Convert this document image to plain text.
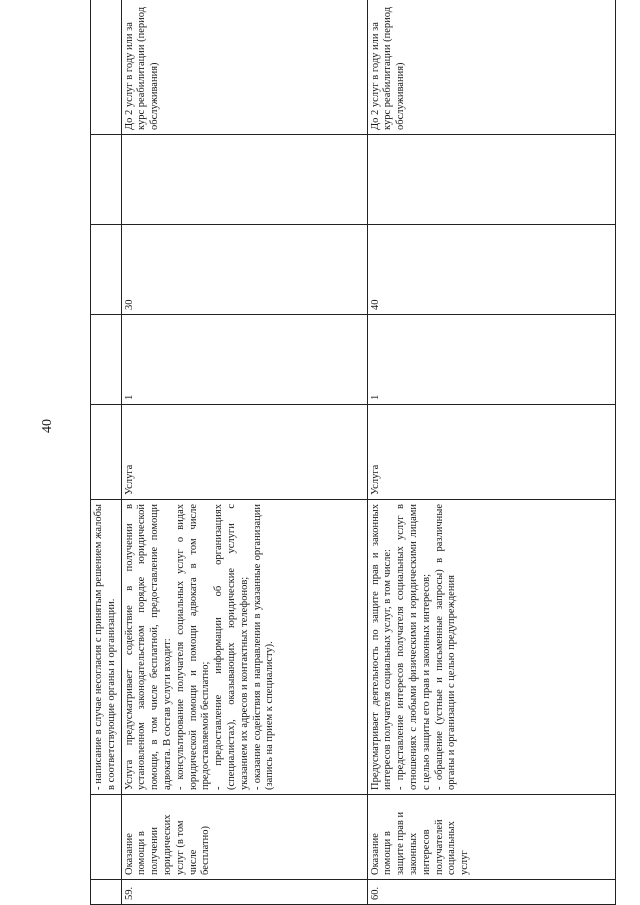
40

		- написание в случае несогласия с принятым решением жалобы в соответствующие органы и организации.					

59.	Оказание помощи в получении юридических услуг (в том числе бесплатно)	Услуга предусматривает содействие в получении в установленном законодательством порядке юридической помощи, в том числе бесплатной, предоставление помощи адвоката. В состав услуги входит: - консультирование получателя социальных услуг о видах юридической помощи и помощи адвоката в том числе предоставляемой бесплатно; - предоставление информации об организациях (специалистах), оказывающих юридические услуги с указанием их адресов и контактных телефонов; - оказание содействия в направлении в указанные организации (запись на прием к специалисту).	Услуга	1	30		До 2 услуг в году или за курс реабилитации (период обслуживания)
60.	Оказание помощи в защите прав и законных интересов получателей социальных услуг	Предусматривает деятельность по защите прав и законных интересов получателя социальных услуг, в том числе: - представление интересов получателя социальных услуг в отношениях с любыми физическими и юридическими лицами с целью защиты его прав и законных интересов; - обращение (устные и письменные запросы) в различные органы и организации с целью предупреждения	Услуга	1	40		До 2 услуг в году или за курс реабилитации (период обслуживания)
